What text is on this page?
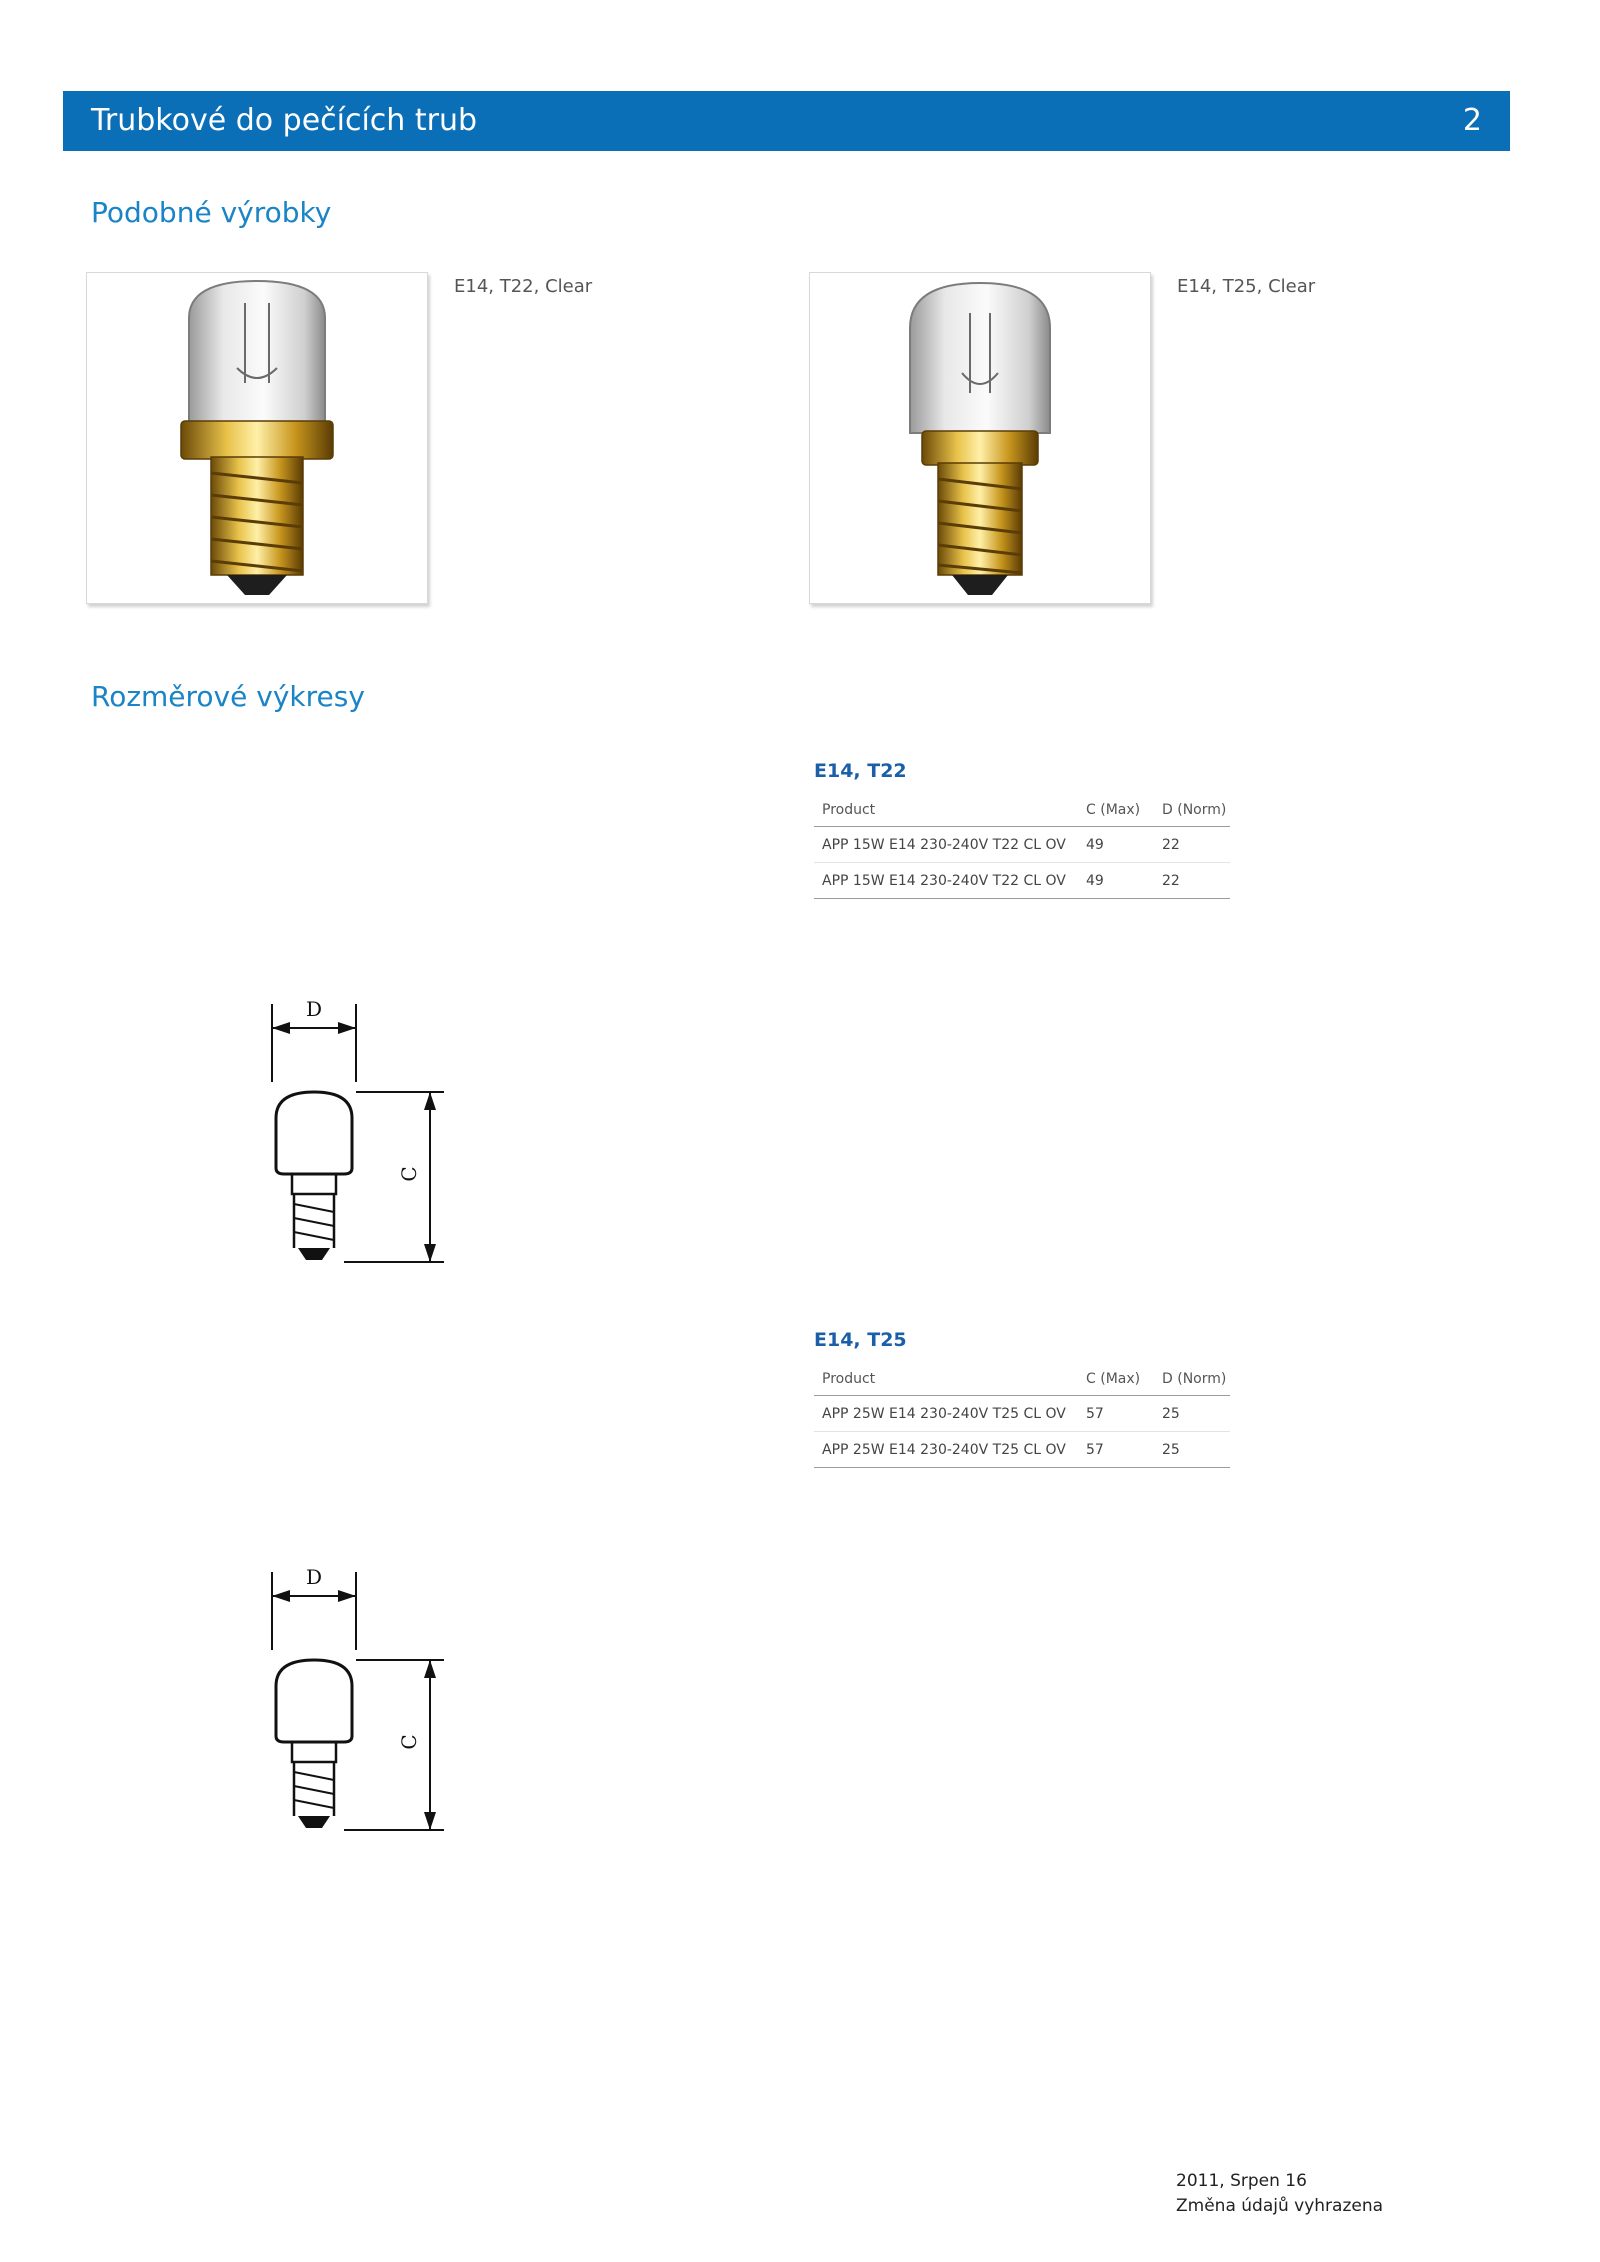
Trubkové do pečících trub	2
Podobné výrobky
E14, T22, Clear	E14, T25, Clear
Rozměrové výkresy
D
C
D
C
E14, T22
Product	C (Max)	D (Norm)
APP 15W E14 230-240V T22 CL OV	49	22
APP 15W E14 230-240V T22 CL OV	49	22
E14, T25
Product	C (Max)	D (Norm)
APP 25W E14 230-240V T25 CL OV	57	25
APP 25W E14 230-240V T25 CL OV	57	25
2011, Srpen 16
Změna údajů vyhrazena
